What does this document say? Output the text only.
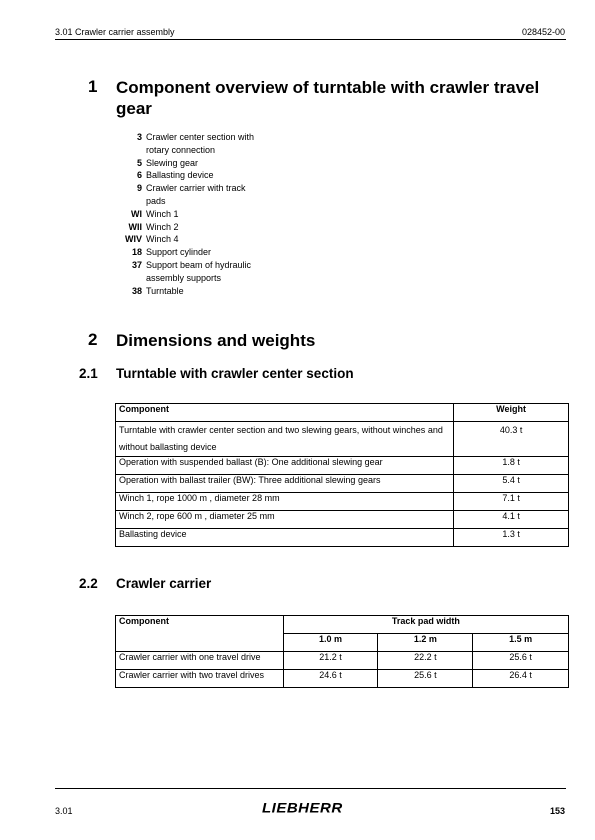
3.01 Crawler carrier assembly	028452-00
1 Component overview of turntable with crawler travel gear
3 Crawler center section with rotary connection
5 Slewing gear
6 Ballasting device
9 Crawler carrier with track pads
WI Winch 1
WII Winch 2
WIV Winch 4
18 Support cylinder
37 Support beam of hydraulic assembly supports
38 Turntable
2 Dimensions and weights
2.1 Turntable with crawler center section
Component	Weight
Turntable with crawler center section and two slewing gears, without winches and without ballasting device	40.3 t
Operation with suspended ballast (B): One additional slewing gear	1.8 t
Operation with ballast trailer (BW): Three additional slewing gears	5.4 t
Winch 1, rope 1000 m , diameter 28 mm	7.1 t
Winch 2, rope 600 m , diameter 25 mm	4.1 t
Ballasting device	1.3 t
2.2 Crawler carrier
Component	Track pad width		
	1.0 m	1.2 m	1.5 m
Crawler carrier with one travel drive	21.2 t	22.2 t	25.6 t
Crawler carrier with two travel drives	24.6 t	25.6 t	26.4 t
3.01	LIEBHERR	153
